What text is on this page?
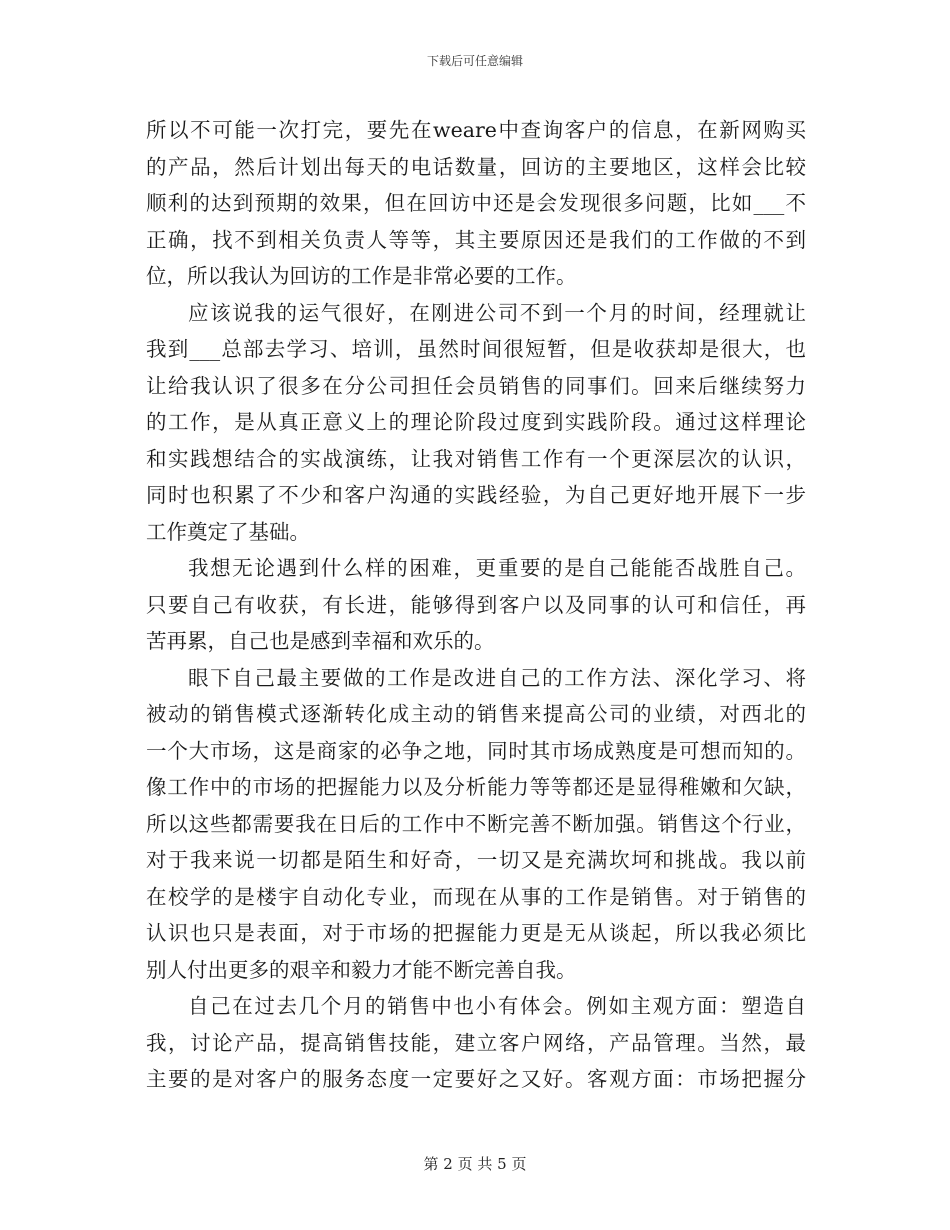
下载后可任意编辑
所以不可能一次打完，要先在weare中查询客户的信息，在新网购买
的产品，然后计划出每天的电话数量，回访的主要地区，这样会比较
顺利的达到预期的效果，但在回访中还是会发现很多问题，比如___不
正确，找不到相关负责人等等，其主要原因还是我们的工作做的不到
位，所以我认为回访的工作是非常必要的工作。
应该说我的运气很好，在刚进公司不到一个月的时间，经理就让
我到___总部去学习、培训，虽然时间很短暂，但是收获却是很大，也
让给我认识了很多在分公司担任会员销售的同事们。回来后继续努力
的工作，是从真正意义上的理论阶段过度到实践阶段。通过这样理论
和实践想结合的实战演练，让我对销售工作有一个更深层次的认识，
同时也积累了不少和客户沟通的实践经验，为自己更好地开展下一步
工作奠定了基础。
我想无论遇到什么样的困难，更重要的是自己能能否战胜自己。
只要自己有收获，有长进，能够得到客户以及同事的认可和信任，再
苦再累，自己也是感到幸福和欢乐的。
眼下自己最主要做的工作是改进自己的工作方法、深化学习、将
被动的销售模式逐渐转化成主动的销售来提高公司的业绩，对西北的
一个大市场，这是商家的必争之地，同时其市场成熟度是可想而知的。
像工作中的市场的把握能力以及分析能力等等都还是显得稚嫩和欠缺，
所以这些都需要我在日后的工作中不断完善不断加强。销售这个行业，
对于我来说一切都是陌生和好奇，一切又是充满坎坷和挑战。我以前
在校学的是楼宇自动化专业，而现在从事的工作是销售。对于销售的
认识也只是表面，对于市场的把握能力更是无从谈起，所以我必须比
别人付出更多的艰辛和毅力才能不断完善自我。
自己在过去几个月的销售中也小有体会。例如主观方面：塑造自
我，讨论产品，提高销售技能，建立客户网络，产品管理。当然，最
主要的是对客户的服务态度一定要好之又好。客观方面：市场把握分
第 2 页 共 5 页
